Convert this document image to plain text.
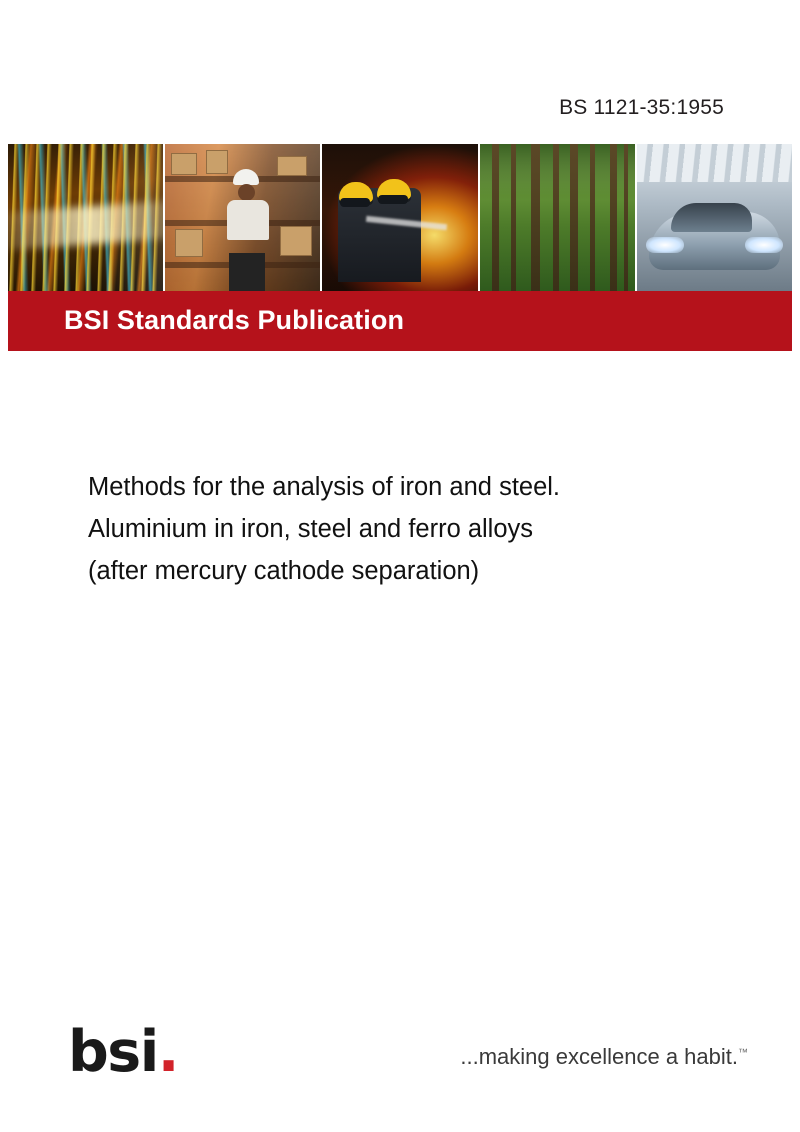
BS 1121-35:1955
BSI Standards Publication
Methods for the analysis of iron and steel.
Aluminium in iron, steel and ferro alloys
(after mercury cathode separation)
bsi.	...making excellence a habit.™
